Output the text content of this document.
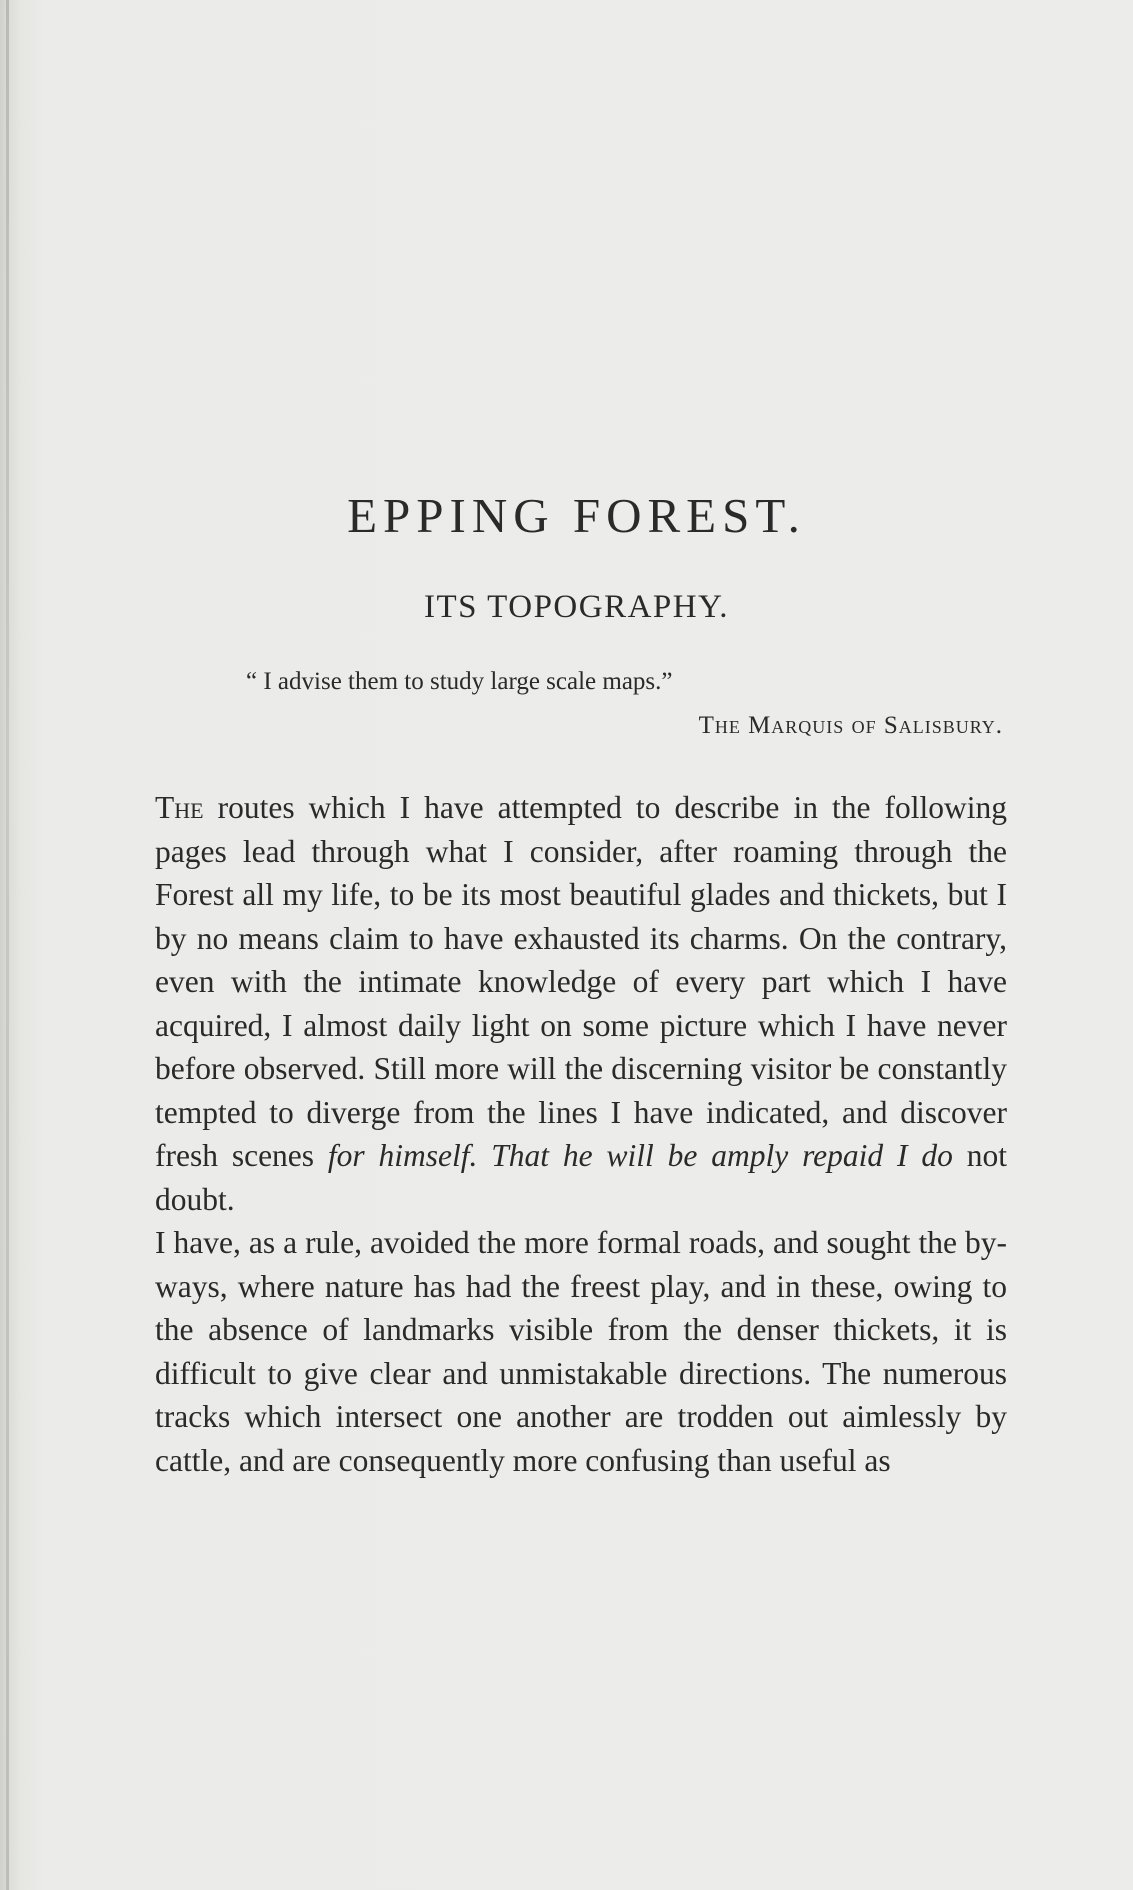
EPPING FOREST.
ITS TOPOGRAPHY.

“ I advise them to study large scale maps.”

The Marquis of Salisbury.

The routes which I have attempted to describe in the following pages lead through what I consider, after roaming through the Forest all my life, to be its most beautiful glades and thickets, but I by no means claim to have exhausted its charms. On the contrary, even with the intimate knowledge of every part which I have acquired, I almost daily light on some picture which I have never before observed. Still more will the discerning visitor be constantly tempted to diverge from the lines I have indicated, and discover fresh scenes for himself. That he will be amply repaid I do not doubt.

I have, as a rule, avoided the more formal roads, and sought the by-ways, where nature has had the freest play, and in these, owing to the absence of landmarks visible from the denser thickets, it is difficult to give clear and unmistakable directions. The numerous tracks which intersect one another are trodden out aimlessly by cattle, and are consequently more confusing than useful as
